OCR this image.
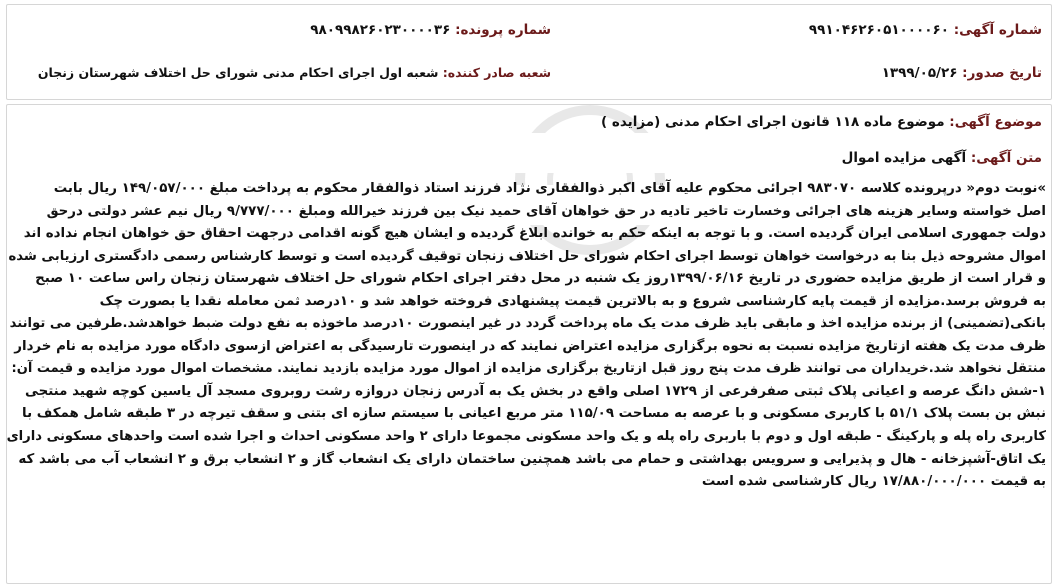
شماره آگهی: ۹۹۱۰۴۶۲۶۰۵۱۰۰۰۰۶۰
شماره پرونده: ۹۸۰۹۹۸۲۶۰۲۳۰۰۰۰۳۶
تاریخ صدور: ۱۳۹۹/۰۵/۲۶
شعبه صادر کننده: شعبه اول اجرای احکام مدنی شورای حل اختلاف شهرستان زنجان
موضوع آگهی: موضوع ماده ۱۱۸ قانون اجرای احکام مدنی (مزایده )
متن آگهی: آگهی مزایده اموال
»نوبت دوم« درپرونده کلاسه ۹۸۳۰۷۰ اجرائی محکوم علیه آقای اکبر ذوالفقاری نژاد فرزند استاد ذوالفقار محکوم به پرداخت مبلغ ۱۴۹/۰۵۷/۰۰۰ ریال بابت
اصل خواسته وسایر هزینه های اجرائی وخسارت تاخیر تادیه در حق خواهان آقای حمید نیک بین فرزند خیرالله ومبلغ ۹/۷۷۷/۰۰۰ ریال نیم عشر دولتی درحق
دولت جمهوری اسلامی ایران گردیده است. و با توجه به اینکه حکم به خوانده ابلاغ گردیده و ایشان هیچ گونه اقدامی درجهت احقاق حق خواهان انجام نداده اند
اموال مشروحه ذیل بنا به درخواست خواهان توسط اجرای احکام شورای حل اختلاف زنجان توقیف گردیده است و توسط کارشناس رسمی دادگستری ارزیابی شده
و قرار است از طریق مزایده حضوری در تاریخ ۱۳۹۹/۰۶/۱۶روز یک شنبه در محل دفتر اجرای احکام شورای حل اختلاف شهرستان زنجان راس ساعت ۱۰ صبح
به فروش برسد.مزایده از قیمت پایه کارشناسی شروع و به بالاترین قیمت پیشنهادی فروخته خواهد شد و ۱۰درصد ثمن معامله نقدا یا بصورت چک
بانکی(تضمینی) از برنده مزایده اخذ و مابقی باید ظرف مدت یک ماه پرداخت گردد در غیر اینصورت ۱۰درصد ماخوذه به نفع دولت ضبط خواهدشد.طرفین می توانند
ظرف مدت یک هفته ازتاریخ مزایده نسبت به نحوه برگزاری مزایده اعتراض نمایند که در اینصورت تارسیدگی به اعتراض ازسوی دادگاه مورد مزایده به نام خردار
منتقل نخواهد شد.خریداران می توانند ظرف مدت پنج روز قبل ازتاریخ برگزاری مزایده از اموال مورد مزایده بازدید نمایند. مشخصات اموال مورد مزایده و قیمت آن:
۱-شش دانگ عرصه و اعیانی پلاک ثبتی صفرفرعی از ۱۷۲۹ اصلی واقع در بخش یک به آدرس زنجان دروازه رشت روبروی مسجد آل یاسین کوچه شهید منتجی
نبش بن بست پلاک ۵۱/۱ با کاربری مسکونی و با عرصه به مساحت ۱۱۵/۰۹ متر مربع اعیانی با سیستم سازه ای بتنی و سقف تیرچه در ۳ طبقه شامل همکف با
کاربری راه پله و پارکینگ - طبقه اول و دوم با باربری راه پله و یک واحد مسکونی مجموعا دارای ۲ واحد مسکونی احداث و اجرا شده است واحدهای مسکونی دارای
یک اتاق-آشپزخانه - هال و پذیرایی و سرویس بهداشتی و حمام می باشد همچنین ساختمان دارای یک انشعاب گاز و ۲ انشعاب برق و ۲ انشعاب آب می باشد که
به قیمت ۱۷/۸۸۰/۰۰۰/۰۰۰ ریال کارشناسی شده است
